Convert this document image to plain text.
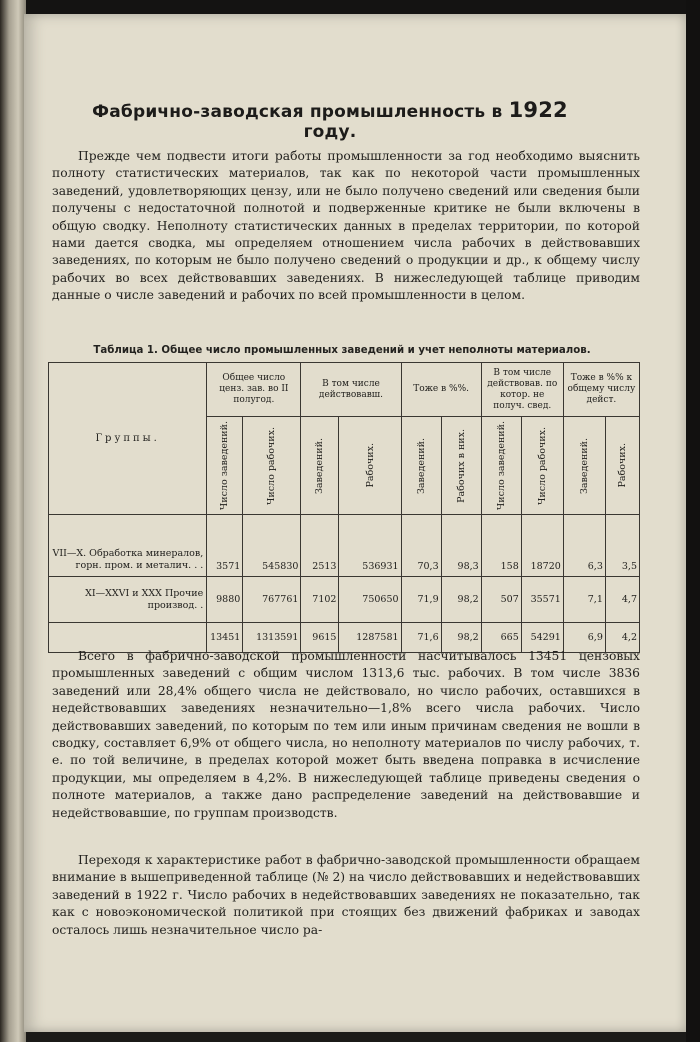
Фабрично-заводская промышленность в 1922 году.
Прежде чем подвести итоги работы промышленности за год необходимо выяснить полноту статистических материалов, так как по некоторой части промышленных заведений, удовлетворяющих цензу, или не было получено сведений или сведения были получены с недостаточной полнотой и подверженные критике не были включены в общую сводку. Неполноту статистических данных в пределах территории, по которой нами дается сводка, мы определяем отношением числа рабочих в действовавших заведениях, по которым не было получено сведений о продукции и др., к общему числу рабочих во всех действовавших заведениях. В нижеследующей таблице приводим данные о числе заведений и рабочих по всей промышленности в целом.
Таблица 1. Общее число промышленных заведений и учет неполноты материалов.
Группы.	Общее число ценз. зав. во II полугод.		В том числе действовавш.		Тоже в %%.		В том числе действовав. по котор. не получ. свед.		Тоже в %% к общему числу дейст.	

	Число заведений.	Число рабочих.	Заведений.	Рабочих.	Заведений.	Рабочих в них.	Число заведений.	Число рабочих.	Заведений.	Рабочих.

VII—X. Обработка минералов, горн. пром. и металич. . .	3571	545830	2513	536931	70,3	98,3	158	18720	6,3	3,5
XI—XXVI и XXX Прочие производ. .	9880	767761	7102	750650	71,9	98,2	507	35571	7,1	4,7
	13451	1313591	9615	1287581	71,6	98,2	665	54291	6,9	4,2
Всего в фабрично-заводской промышленности насчитывалось 13451 цензовых промышленных заведений с общим числом 1313,6 тыс. рабочих. В том числе 3836 заведений или 28,4% общего числа не действовало, но число рабочих, оставшихся в недействовавших заведениях незначительно—1,8% всего числа рабочих. Число действовавших заведений, по которым по тем или иным причинам сведения не вошли в сводку, составляет 6,9% от общего числа, но неполноту материалов по числу рабочих, т. е. по той величине, в пределах которой может быть введена поправка в исчисление продукции, мы определяем в 4,2%. В нижеследующей таблице приведены сведения о полноте материалов, а также дано распределение заведений на действовавшие и недействовавшие, по группам производств.
Переходя к характеристике работ в фабрично-заводской промышленности обращаем внимание в вышеприведенной таблице (№ 2) на число действовавших и недействовавших заведений в 1922 г. Число рабочих в недействовавших заведениях не показательно, так как с новоэкономической политикой при стоящих без движений фабриках и заводах осталось лишь незначительное число ра-
